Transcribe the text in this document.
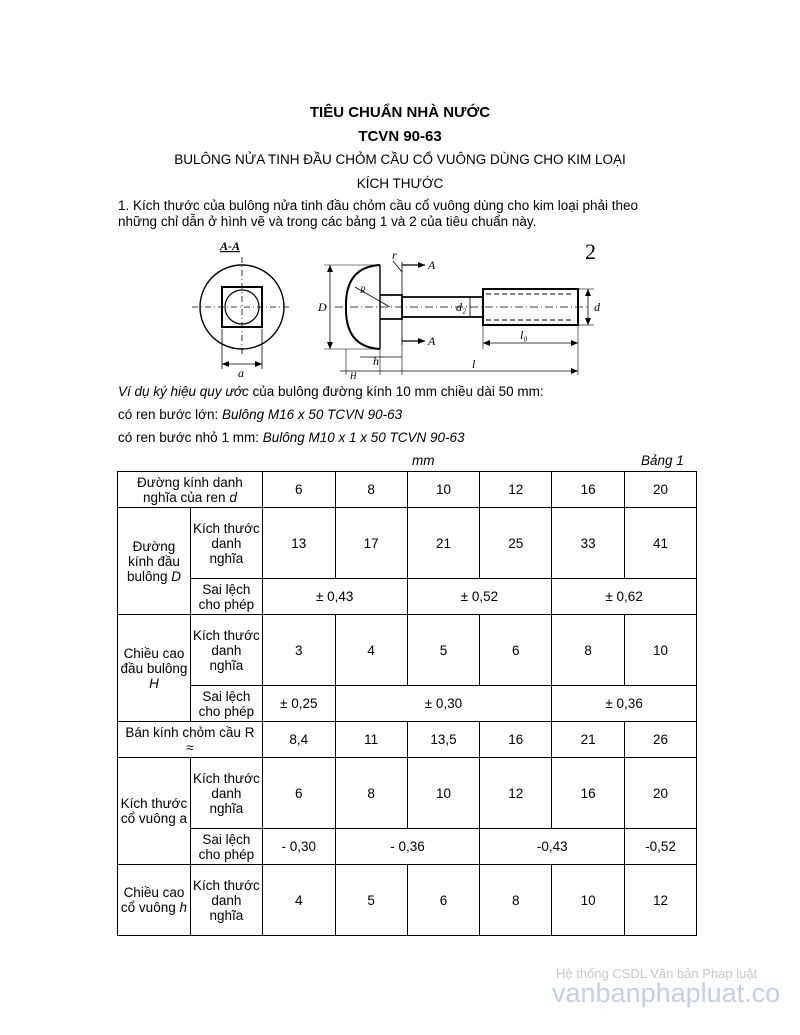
TIÊU CHUẨN NHÀ NƯỚC
TCVN 90-63
BULÔNG NỬA TINH ĐẦU CHỎM CẦU CỔ VUÔNG DÙNG CHO KIM LOẠI
KÍCH THƯỚC
1. Kích thước của bulông nửa tinh đầu chỏm cầu cổ vuông dùng cho kim loại phải theo những chỉ dẫn ở hình vẽ và trong các bảng 1 và 2 của tiêu chuẩn này.
A-A
a
D
R
r
A
A
d₂	d
h
H
l
l₀
2
Ví dụ ký hiệu quy ước của bulông đường kính 10 mm chiều dài 50 mm:
có ren bước lớn: Bulông M16 x 50 TCVN 90-63
có ren bước nhỏ 1 mm: Bulông M10 x 1 x 50 TCVN 90-63
mm	Bảng 1
Đường kính danh nghĩa của ren d		6	8	10	12	16	20
Đường kính đầu bulông D	Kích thước danh nghĩa	13	17	21	25	33	41
	Sai lệch cho phép	± 0,43		± 0,52		± 0,62	
Chiều cao đầu bulông H	Kích thước danh nghĩa	3	4	5	6	8	10
	Sai lệch cho phép	± 0,25	± 0,30			± 0,36	
Bán kính chỏm cầu R ≈		8,4	11	13,5	16	21	26
Kích thước cổ vuông a	Kích thước danh nghĩa	6	8	10	12	16	20
	Sai lệch cho phép	- 0,30	- 0,36		-0,43		-0,52
Chiều cao cổ vuông h	Kích thước danh nghĩa	4	5	6	8	10	12
Hệ thống CSDL Văn bản Pháp luật
vanbanphapluat.co
